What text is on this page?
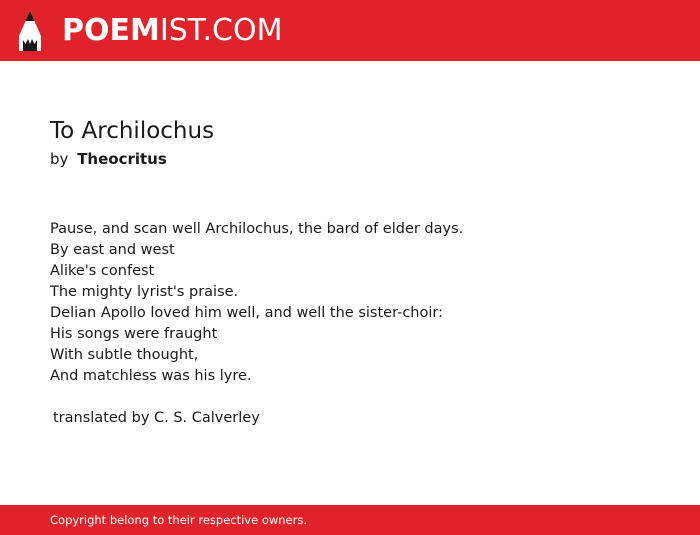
POEMIST.COM
To Archilochus
by Theocritus
Pause, and scan well Archilochus, the bard of elder days.
By east and west
Alike's confest
The mighty lyrist's praise.
Delian Apollo loved him well, and well the sister-choir:
His songs were fraught
With subtle thought,
And matchless was his lyre.
translated by C. S. Calverley
Copyright belong to their respective owners.
